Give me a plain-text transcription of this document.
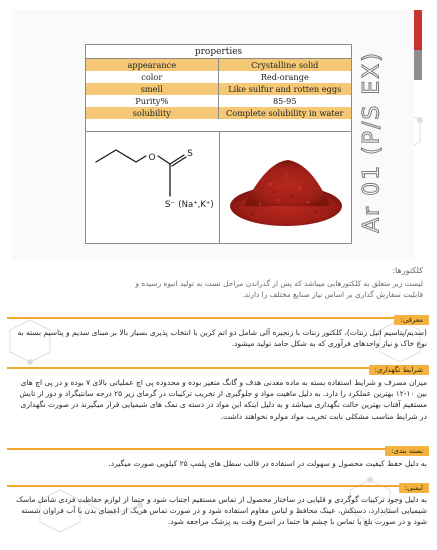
properties
appearance	Crystalline solid
color	Red-orange
smell	Like sulfur and rotten eggs
Purity%	85-95
solubility	Complete solubility in water
O	S
S⁻ (Na⁺,K⁺)	Ar 01 (P/S EX)
کلکتورها:
لیست زیر متعلق به کلکتورهایی میباشد که پس از گذراندن مراحل تست به تولید انبوه رسیده و قابلیت سفارش گذاری بر اساس نیاز صنایع مختلف را دارند.
معرفی:
(سدیم/پتاسیم اتیل زنتات)، کلکتور زنتات با زنجیره آلی شامل دو اتم کربن با انتخاب پذیری بسیار بالا بر مبنای سدیم و پتاسیم بسته به نوع خاک و نیاز واحدهای فرآوری که به شکل جامد تولید میشود.
شرایط نگهداری:
میزان مصرف و شرایط استفاده بسته به ماده معدنی هدف و گانگ متغیر بوده و محدوده پی اچ عملیاتی بالای ۷ بوده و در پی اچ های بین ۱۰-۱۲ بهترین عملکرد را دارد. به دلیل ماهیت مواد و جلوگیری از تخریب ترکیبات در گرمای زیر ۲۵ درجه سانتیگراد و دور از تابش مستقیم آفتاب بهترین حالت نگهداری میباشد و به دلیل اینکه این مواد در دسته ی نمک های شیمیایی قرار میگیرند در صورت نگهداری در شرایط مناسب مشکلی بابت تخریب مواد مولره نخواهند داشت.
بسته بندی:
به دلیل حفظ کیفیت محصول و سهولت در استفاده در قالب سطل های پلمپ ۲۵ کیلویی صورت میگیرد.
ایمنی:
به دلیل وجود ترکیبات گوگردی و قلیایی در ساختار محصول از تماس مستقیم اجتناب شود و حتما از لوازم حفاظت فردی شامل ماسک شیمیایی استاندارد، دستکش، عینک محافظ و لباس مقاوم استفاده شود و در صورت تماس هریک از اعضای بدن با آب فراوان شسته شود و در صورت بلع یا تماس با چشم ها حتما در اسرع وقت به پزشک مراجعه شود.
